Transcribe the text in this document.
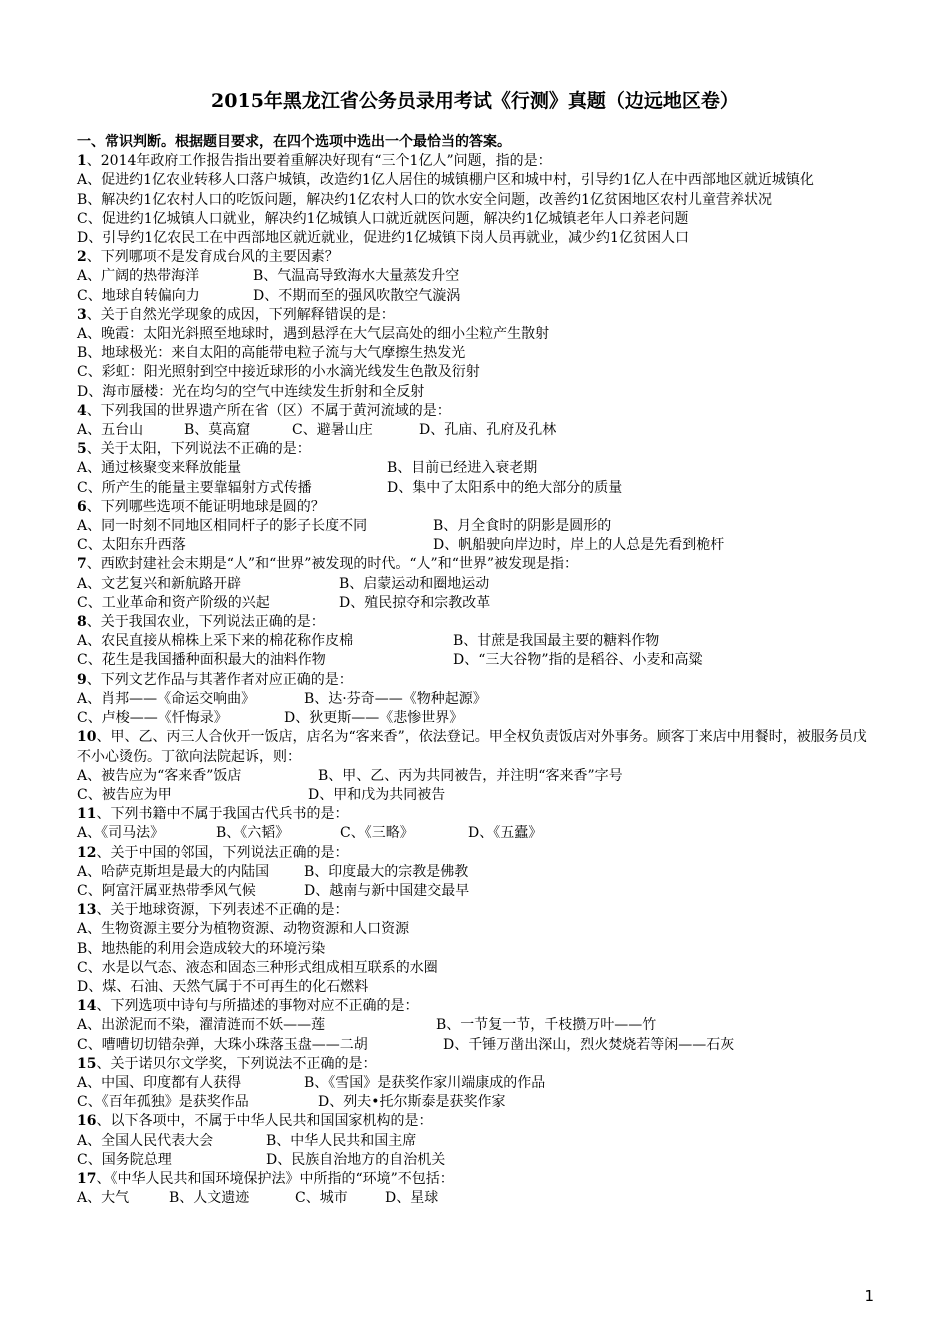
2015年黑龙江省公务员录用考试《行测》真题（边远地区卷）
一、常识判断。根据题目要求，在四个选项中选出一个最恰当的答案。
1、2014年政府工作报告指出要着重解决好现有“三个1亿人”问题，指的是：
A、促进约1亿农业转移人口落户城镇，改造约1亿人居住的城镇棚户区和城中村，引导约1亿人在中西部地区就近城镇化
B、解决约1亿农村人口的吃饭问题，解决约1亿农村人口的饮水安全问题，改善约1亿贫困地区农村儿童营养状况
C、促进约1亿城镇人口就业，解决约1亿城镇人口就近就医问题，解决约1亿城镇老年人口养老问题
D、引导约1亿农民工在中西部地区就近就业，促进约1亿城镇下岗人员再就业，减少约1亿贫困人口
2、下列哪项不是发育成台风的主要因素？
A、广阔的热带海洋	B、气温高导致海水大量蒸发升空
C、地球自转偏向力	D、不期而至的强风吹散空气漩涡
3、关于自然光学现象的成因，下列解释错误的是：
A、晚霞：太阳光斜照至地球时，遇到悬浮在大气层高处的细小尘粒产生散射
B、地球极光：来自太阳的高能带电粒子流与大气摩擦生热发光
C、彩虹：阳光照射到空中接近球形的小水滴光线发生色散及衍射
D、海市蜃楼：光在均匀的空气中连续发生折射和全反射
4、下列我国的世界遗产所在省（区）不属于黄河流域的是：
A、五台山	B、莫高窟	C、避暑山庄	D、孔庙、孔府及孔林
5、关于太阳，下列说法不正确的是：
A、通过核聚变来释放能量	B、目前已经进入衰老期
C、所产生的能量主要靠辐射方式传播	D、集中了太阳系中的绝大部分的质量
6、下列哪些选项不能证明地球是圆的？
A、同一时刻不同地区相同杆子的影子长度不同	B、月全食时的阴影是圆形的
C、太阳东升西落	D、帆船驶向岸边时，岸上的人总是先看到桅杆
7、西欧封建社会末期是“人”和“世界”被发现的时代。“人”和“世界”被发现是指：
A、文艺复兴和新航路开辟	B、启蒙运动和圈地运动
C、工业革命和资产阶级的兴起	D、殖民掠夺和宗教改革
8、关于我国农业，下列说法正确的是：
A、农民直接从棉株上采下来的棉花称作皮棉	B、甘蔗是我国最主要的糖料作物
C、花生是我国播种面积最大的油料作物	D、“三大谷物”指的是稻谷、小麦和高粱
9、下列文艺作品与其著作者对应正确的是：
A、肖邦——《命运交响曲》	B、达·芬奇——《物种起源》
C、卢梭——《忏悔录》	D、狄更斯——《悲惨世界》
10、甲、乙、丙三人合伙开一饭店，店名为“客来香”，依法登记。甲全权负责饭店对外事务。顾客丁来店中用餐时，被服务员戊不小心烫伤。丁欲向法院起诉，则：
A、被告应为“客来香”饭店	B、甲、乙、丙为共同被告，并注明“客来香”字号
C、被告应为甲	D、甲和戊为共同被告
11、下列书籍中不属于我国古代兵书的是：
A、《司马法》	B、《六韬》	C、《三略》	D、《五蠹》
12、关于中国的邻国，下列说法正确的是：
A、哈萨克斯坦是最大的内陆国	B、印度最大的宗教是佛教
C、阿富汗属亚热带季风气候	D、越南与新中国建交最早
13、关于地球资源，下列表述不正确的是：
A、生物资源主要分为植物资源、动物资源和人口资源
B、地热能的利用会造成较大的环境污染
C、水是以气态、液态和固态三种形式组成相互联系的水圈
D、煤、石油、天然气属于不可再生的化石燃料
14、下列选项中诗句与所描述的事物对应不正确的是：
A、出淤泥而不染，濯清涟而不妖——莲	B、一节复一节，千枝攒万叶——竹
C、嘈嘈切切错杂弹，大珠小珠落玉盘——二胡	D、千锤万凿出深山，烈火焚烧若等闲——石灰
15、关于诺贝尔文学奖，下列说法不正确的是：
A、中国、印度都有人获得	B、《雪国》是获奖作家川端康成的作品
C、《百年孤独》是获奖作品	D、列夫•托尔斯泰是获奖作家
16、以下各项中，不属于中华人民共和国国家机构的是：
A、全国人民代表大会	B、中华人民共和国主席
C、国务院总理	D、民族自治地方的自治机关
17、《中华人民共和国环境保护法》中所指的“环境”不包括：
A、大气	B、人文遗迹	C、城市	D、星球
1
